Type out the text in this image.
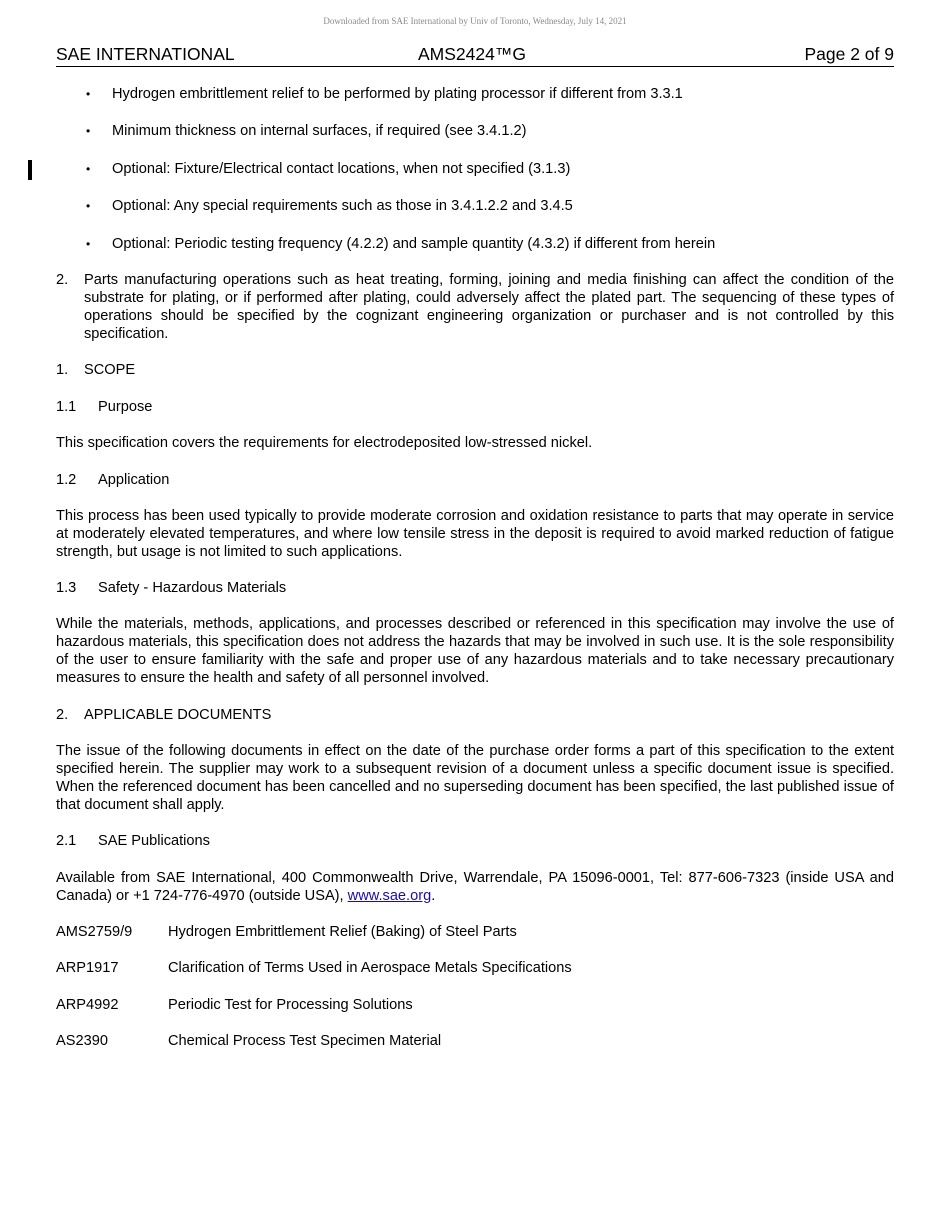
Downloaded from SAE International by Univ of Toronto, Wednesday, July 14, 2021
SAE INTERNATIONAL	AMS2424™G	Page 2 of 9
• Hydrogen embrittlement relief to be performed by plating processor if different from 3.3.1
• Minimum thickness on internal surfaces, if required (see 3.4.1.2)
• Optional: Fixture/Electrical contact locations, when not specified (3.1.3)
• Optional: Any special requirements such as those in 3.4.1.2.2 and 3.4.5
• Optional: Periodic testing frequency (4.2.2) and sample quantity (4.3.2) if different from herein
2. Parts manufacturing operations such as heat treating, forming, joining and media finishing can affect the condition of the substrate for plating, or if performed after plating, could adversely affect the plated part. The sequencing of these types of operations should be specified by the cognizant engineering organization or purchaser and is not controlled by this specification.
1. SCOPE
1.1 Purpose
This specification covers the requirements for electrodeposited low-stressed nickel.
1.2 Application
This process has been used typically to provide moderate corrosion and oxidation resistance to parts that may operate in service at moderately elevated temperatures, and where low tensile stress in the deposit is required to avoid marked reduction of fatigue strength, but usage is not limited to such applications.
1.3 Safety - Hazardous Materials
While the materials, methods, applications, and processes described or referenced in this specification may involve the use of hazardous materials, this specification does not address the hazards that may be involved in such use. It is the sole responsibility of the user to ensure familiarity with the safe and proper use of any hazardous materials and to take necessary precautionary measures to ensure the health and safety of all personnel involved.
2. APPLICABLE DOCUMENTS
The issue of the following documents in effect on the date of the purchase order forms a part of this specification to the extent specified herein. The supplier may work to a subsequent revision of a document unless a specific document issue is specified. When the referenced document has been cancelled and no superseding document has been specified, the last published issue of that document shall apply.
2.1 SAE Publications
Available from SAE International, 400 Commonwealth Drive, Warrendale, PA 15096-0001, Tel: 877-606-7323 (inside USA and Canada) or +1 724-776-4970 (outside USA), www.sae.org.
AMS2759/9 Hydrogen Embrittlement Relief (Baking) of Steel Parts
ARP1917	Clarification of Terms Used in Aerospace Metals Specifications
ARP4992	Periodic Test for Processing Solutions
AS2390	Chemical Process Test Specimen Material
